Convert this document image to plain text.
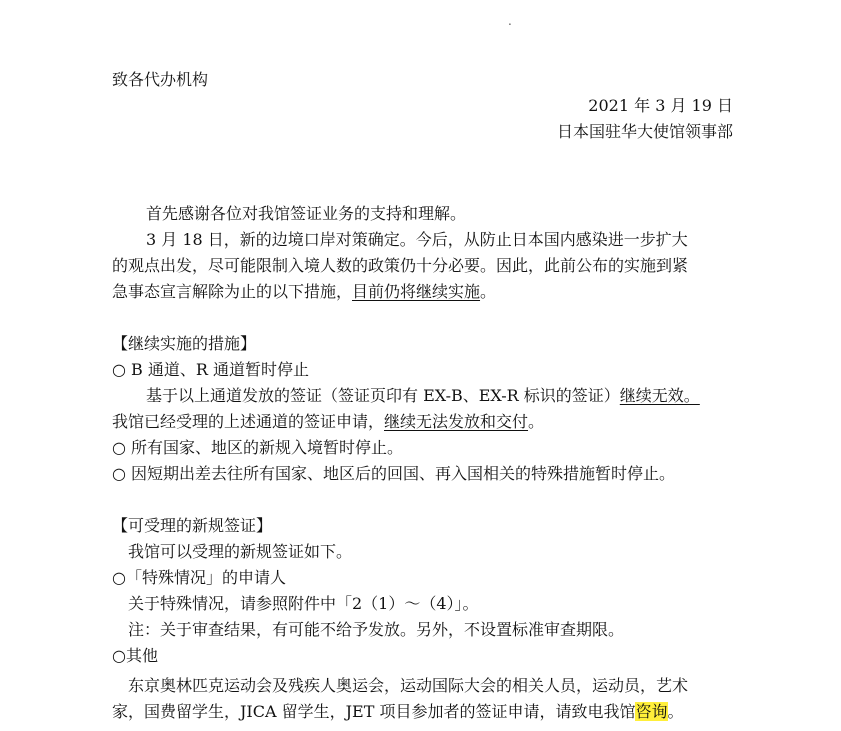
.
致各代办机构
2021 年 3 月 19 日
日本国驻华大使馆领事部
首先感谢各位对我馆签证业务的支持和理解。
3 月 18 日，新的边境口岸对策确定。今后，从防止日本国内感染进一步扩大
的观点出发，尽可能限制入境人数的政策仍十分必要。因此，此前公布的实施到紧
急事态宣言解除为止的以下措施，目前仍将继续实施。
【继续实施的措施】
○ B 通道、R 通道暂时停止
基于以上通道发放的签证（签证页印有 EX-B、EX-R 标识的签证）继续无效。
我馆已经受理的上述通道的签证申请，继续无法发放和交付。
○ 所有国家、地区的新规入境暂时停止。
○ 因短期出差去往所有国家、地区后的回国、再入国相关的特殊措施暂时停止。
【可受理的新规签证】
我馆可以受理的新规签证如下。
○「特殊情况」的申请人
关于特殊情况，请参照附件中「2（1）～（4）」。
注：关于审查结果，有可能不给予发放。另外，不设置标准审查期限。
○其他
东京奥林匹克运动会及残疾人奥运会，运动国际大会的相关人员，运动员，艺术
家，国费留学生，JICA 留学生，JET 项目参加者的签证申请，请致电我馆咨询。
